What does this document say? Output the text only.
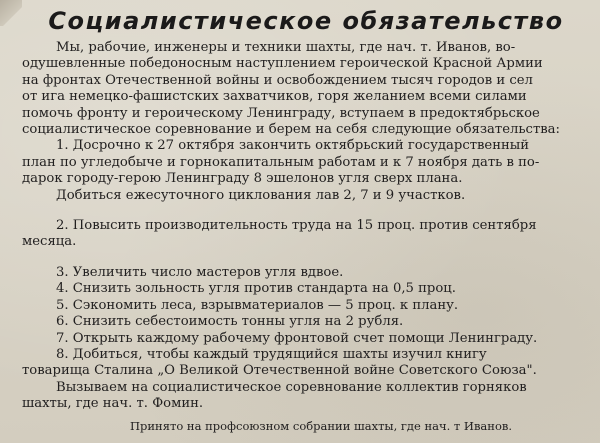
Социалистическое обязательство
Мы, рабочие, инженеры и техники шахты, где нач. т. Иванов, во-
одушевленные победоносным наступлением героической Красной Армии
на фронтах Отечественной войны и освобождением тысяч городов и сел
от ига немецко-фашистских захватчиков, горя желанием всеми силами
помочь фронту и героическому Ленинграду, вступаем в предоктябрьское
социалистическое соревнование и берем на себя следующие обязательства:
1. Досрочно к 27 октября закончить октябрьский государственный
план по угледобыче и горнокапитальным работам и к 7 ноября дать в по-
дарок городу-герою Ленинграду 8 эшелонов угля сверх плана.
Добиться ежесуточного циклования лав 2, 7 и 9 участков.
2. Повысить производительность труда на 15 проц. против сентября
месяца.
3. Увеличить число мастеров угля вдвое.
4. Снизить зольность угля против стандарта на 0,5 проц.
5. Сэкономить леса, взрывматериалов — 5 проц. к плану.
6. Снизить себестоимость тонны угля на 2 рубля.
7. Открыть каждому рабочему фронтовой счет помощи Ленинграду.
8. Добиться, чтобы каждый трудящийся шахты изучил книгу
товарища Сталина „О Великой Отечественной войне Советского Союза".
Вызываем на социалистическое соревнование коллектив горняков
шахты, где нач. т. Фомин.
Принято на профсоюзном собрании шахты, где нач. т Иванов.
